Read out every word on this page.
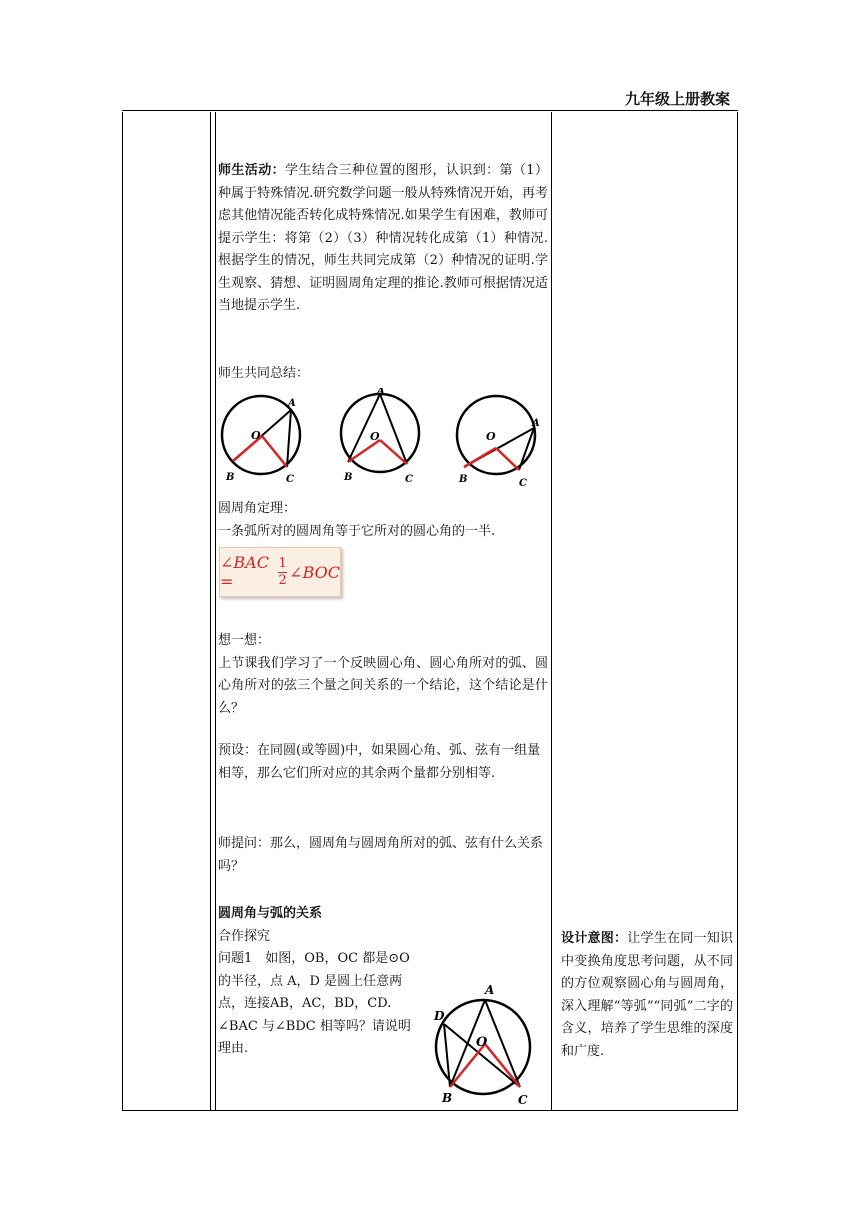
九年级上册教案

师生活动：学生结合三种位置的图形，认识到：第（1）种属于特殊情况.研究数学问题一般从特殊情况开始，再考虑其他情况能否转化成特殊情况.如果学生有困难，教师可提示学生：将第（2）（3）种情况转化成第（1）种情况.根据学生的情况，师生共同完成第（2）种情况的证明.学生观察、猜想、证明圆周角定理的推论.教师可根据情况适当地提示学生.

师生共同总结：
O
A
B	C
O
A
B	C
O
A
B	C

圆周角定理：

一条弧所对的圆周角等于它所对的圆心角的一半.

∠BAC =	$\frac{1}{2}$ ∠BOC

想一想：

上节课我们学习了一个反映圆心角、圆心角所对的弧、圆心角所对的弦三个量之间关系的一个结论，这个结论是什么？

预设：在同圆(或等圆)中，如果圆心角、弧、弦有一组量相等，那么它们所对应的其余两个量都分别相等.
师提问：那么，圆周角与圆周角所对的弧、弦有什么关系吗？

圆周角与弧的关系

合作探究

问题1　如图，OB，OC 都是⊙O 的半径，点 A，D 是圆上任意两点，连接AB，AC，BD，CD. ∠BAC 与∠BDC 相等吗？请说明理由.	O
A
D
B	C
设计意图：让学生在同一知识中变换角度思考问题，从不同的方位观察圆心角与圆周角，深入理解“等弧”“同弧”二字的含义，培养了学生思维的深度和广度.
